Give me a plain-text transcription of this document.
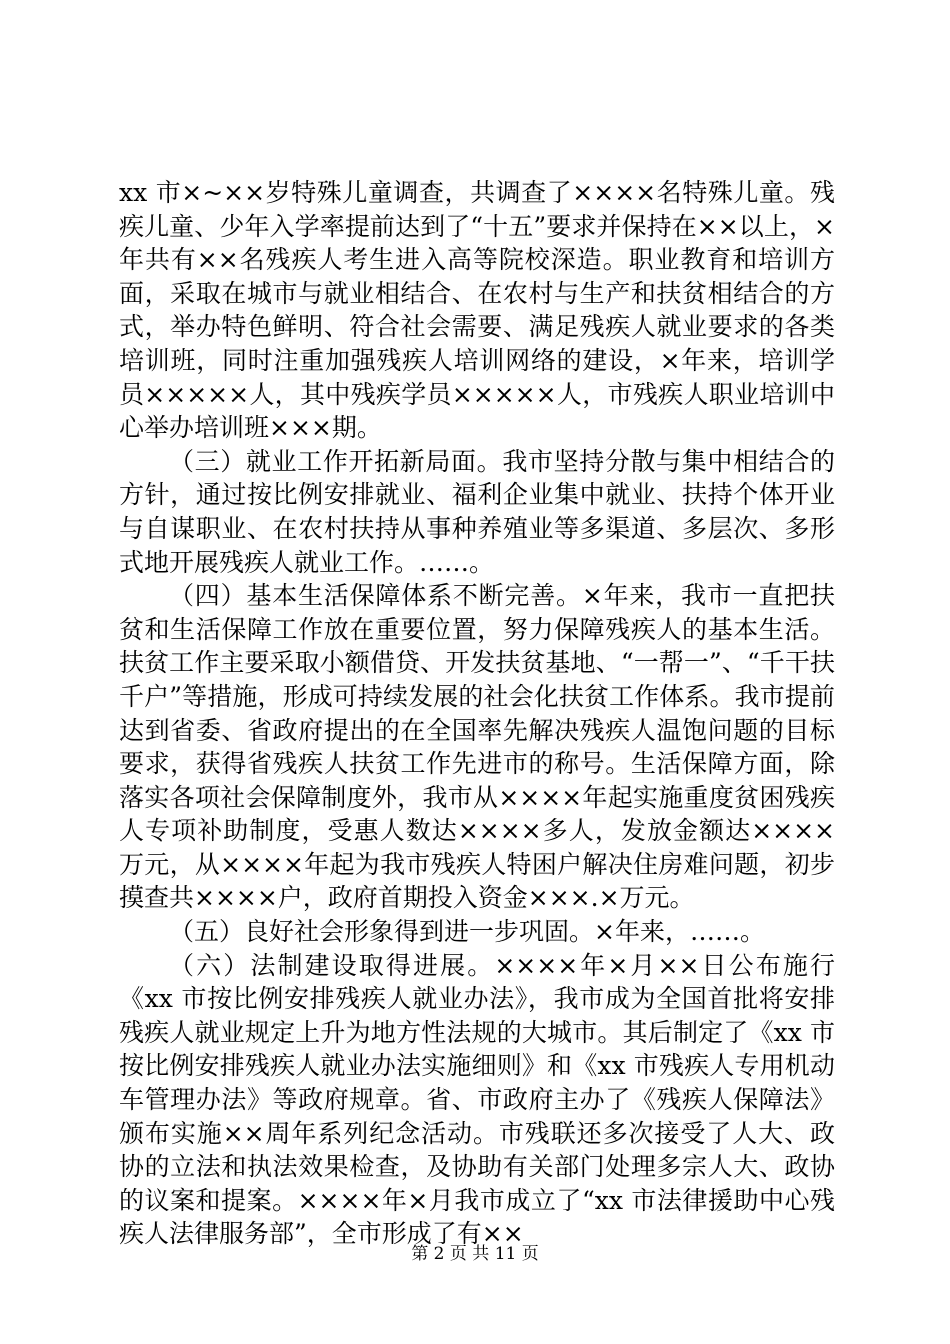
xx 市×~××岁特殊儿童调查，共调查了××××名特殊儿童。残疾儿童、少年入学率提前达到了“十五”要求并保持在××以上，×年共有××名残疾人考生进入高等院校深造。职业教育和培训方面，采取在城市与就业相结合、在农村与生产和扶贫相结合的方式，举办特色鲜明、符合社会需要、满足残疾人就业要求的各类培训班，同时注重加强残疾人培训网络的建设，×年来，培训学员×××××人，其中残疾学员×××××人，市残疾人职业培训中心举办培训班×××期。

（三）就业工作开拓新局面。我市坚持分散与集中相结合的方针，通过按比例安排就业、福利企业集中就业、扶持个体开业与自谋职业、在农村扶持从事种养殖业等多渠道、多层次、多形式地开展残疾人就业工作。……。

（四）基本生活保障体系不断完善。×年来，我市一直把扶贫和生活保障工作放在重要位置，努力保障残疾人的基本生活。扶贫工作主要采取小额借贷、开发扶贫基地、“一帮一”、“千干扶千户”等措施，形成可持续发展的社会化扶贫工作体系。我市提前达到省委、省政府提出的在全国率先解决残疾人温饱问题的目标要求，获得省残疾人扶贫工作先进市的称号。生活保障方面，除落实各项社会保障制度外，我市从××××年起实施重度贫困残疾人专项补助制度，受惠人数达××××多人，发放金额达××××万元，从××××年起为我市残疾人特困户解决住房难问题，初步摸查共××××户，政府首期投入资金×××.×万元。

（五）良好社会形象得到进一步巩固。×年来，……。

（六）法制建设取得进展。××××年×月××日公布施行《xx 市按比例安排残疾人就业办法》，我市成为全国首批将安排残疾人就业规定上升为地方性法规的大城市。其后制定了《xx 市按比例安排残疾人就业办法实施细则》和《xx 市残疾人专用机动车管理办法》等政府规章。省、市政府主办了《残疾人保障法》颁布实施××周年系列纪念活动。市残联还多次接受了人大、政协的立法和执法效果检查，及协助有关部门处理多宗人大、政协的议案和提案。××××年×月我市成立了“xx 市法律援助中心残疾人法律服务部”，全市形成了有××

第 2 页 共 11 页
